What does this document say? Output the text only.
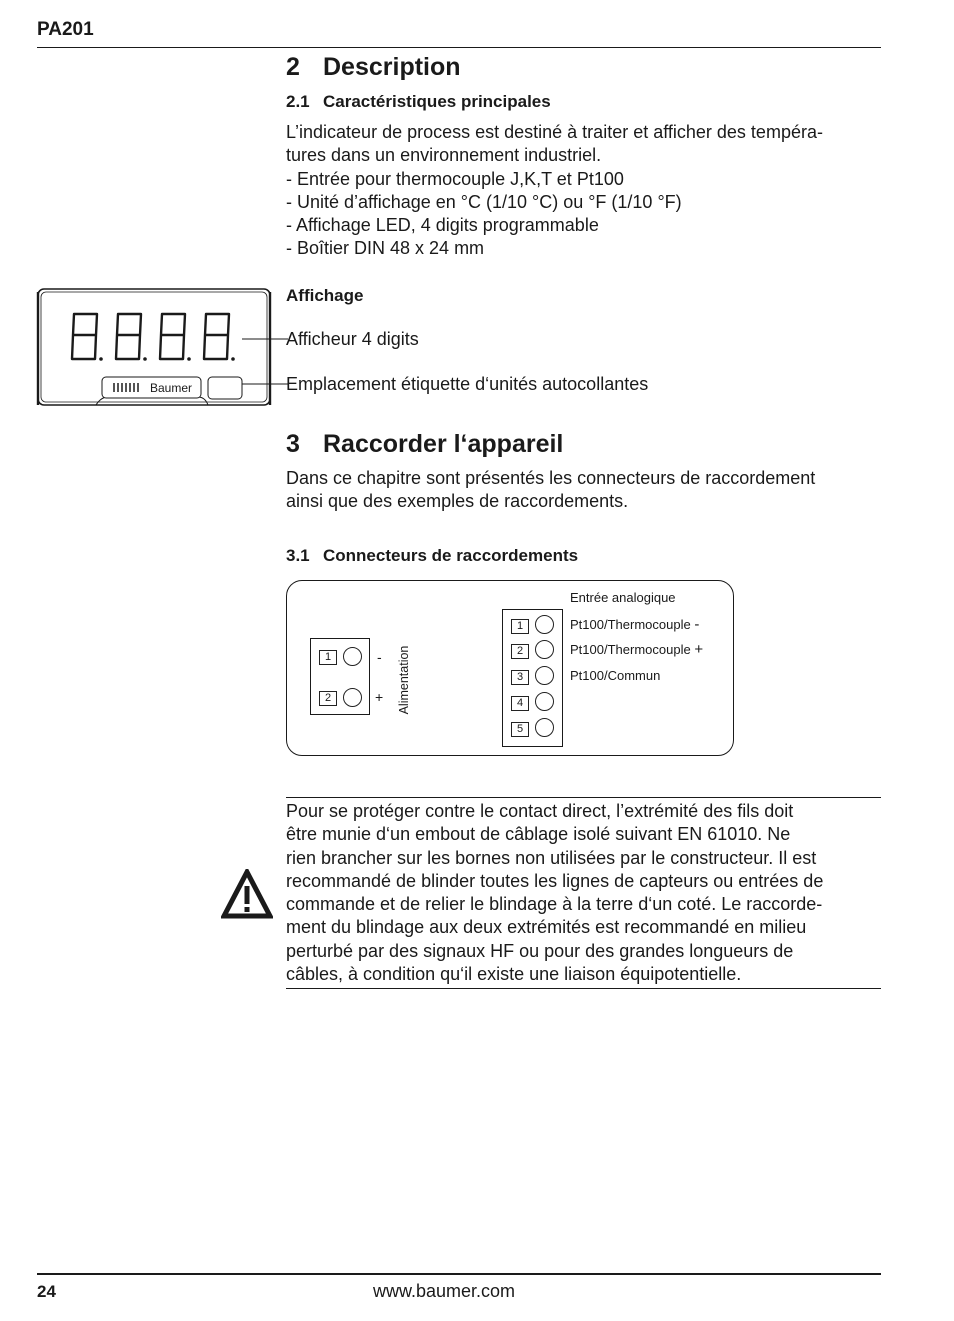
PA201
2 Description
2.1 Caractéristiques principales

L’indicateur de process est destiné à traiter et afficher des tempéra-

tures dans un environnement industriel.

- Entrée pour thermocouple J,K,T et Pt100

- Unité d’affichage en °C (1/10 °C) ou °F (1/10 °F)

- Affichage LED, 4 digits programmable

- Boîtier DIN 48 x 24 mm

Baumer
Affichage
Afficheur 4 digits
Emplacement étiquette d‘unités autocollantes
3 Raccorder l‘appareil

Dans ce chapitre sont présentés les connecteurs de raccordement

ainsi que des exemples de raccordements.

3.1 Connecteurs de raccordements
1
2
-
+ Alimentation
1
2
3
4
5
Entrée analogique
Pt100/Thermocouple -
Pt100/Thermocouple +
Pt100/Commun

Pour se protéger contre le contact direct, l’extrémité des fils doit

être munie d‘un embout de câblage isolé suivant EN 61010. Ne

rien brancher sur les bornes non utilisées par le constructeur. Il est

recommandé de blinder toutes les lignes de capteurs ou entrées de

commande et de relier le blindage à la terre d‘un coté. Le raccorde-

ment du blindage aux deux extrémités est recommandé en milieu

perturbé par des signaux HF ou pour des grandes longueurs de

câbles, à condition qu‘il existe une liaison équipotentielle.

24	www.baumer.com
